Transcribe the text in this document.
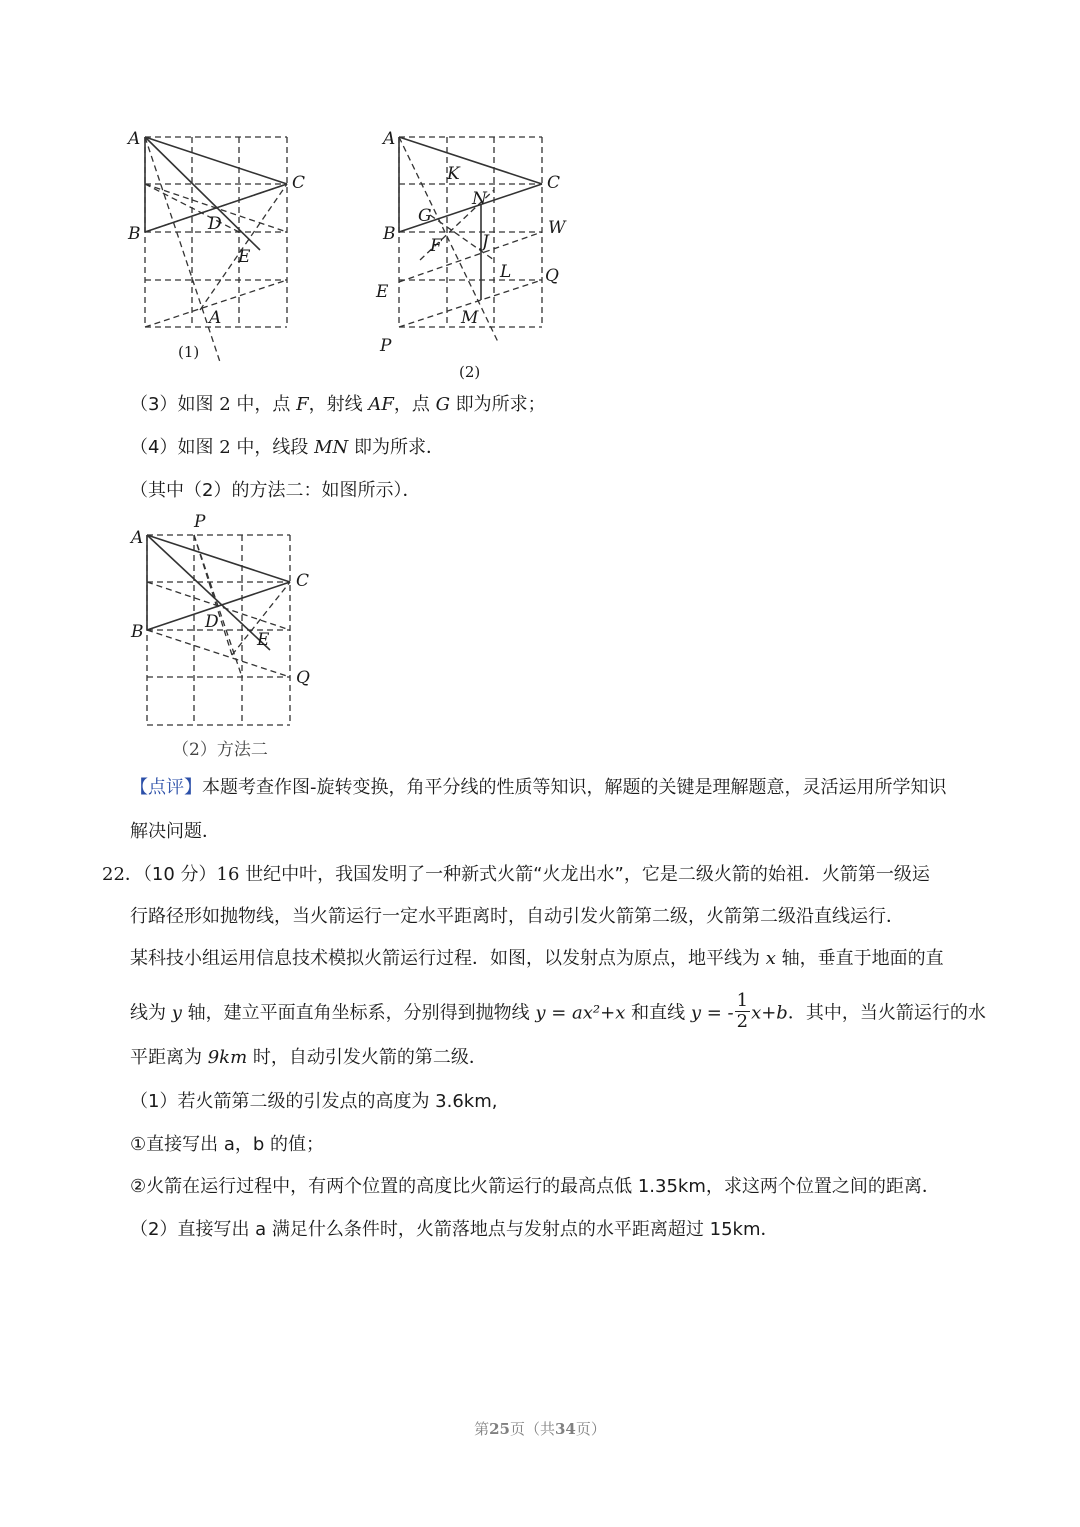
A
B
C
D
E
A
(1)
A
B
C
K
N
G
F J
W
L Q
E
M
P
(2)
（3）如图 2 中，点 F，射线 AF，点 G 即为所求；
（4）如图 2 中，线段 MN 即为所求．
（其中（2）的方法二：如图所示）．
A
P
C
D
B	E
Q
（2）方法二
【点评】本题考查作图-旋转变换，角平分线的性质等知识，解题的关键是理解题意，灵活运用所学知识
解决问题．
22．（10 分）16 世纪中叶，我国发明了一种新式火箭“火龙出水”，它是二级火箭的始祖．火箭第一级运
行路径形如抛物线，当火箭运行一定水平距离时，自动引发火箭第二级，火箭第二级沿直线运行．
某科技小组运用信息技术模拟火箭运行过程．如图，以发射点为原点，地平线为 x 轴，垂直于地面的直
线为 y 轴，建立平面直角坐标系，分别得到抛物线 y = ax²+x 和直线 y = - $\frac{1}{2} x+b$．其中，当火箭运行的水
平距离为 9km 时，自动引发火箭的第二级．
（1）若火箭第二级的引发点的高度为 3.6km,
①直接写出 a，b 的值；
②火箭在运行过程中，有两个位置的高度比火箭运行的最高点低 1.35km，求这两个位置之间的距离．
（2）直接写出 a 满足什么条件时，火箭落地点与发射点的水平距离超过 15km．
第25页（共34页）
